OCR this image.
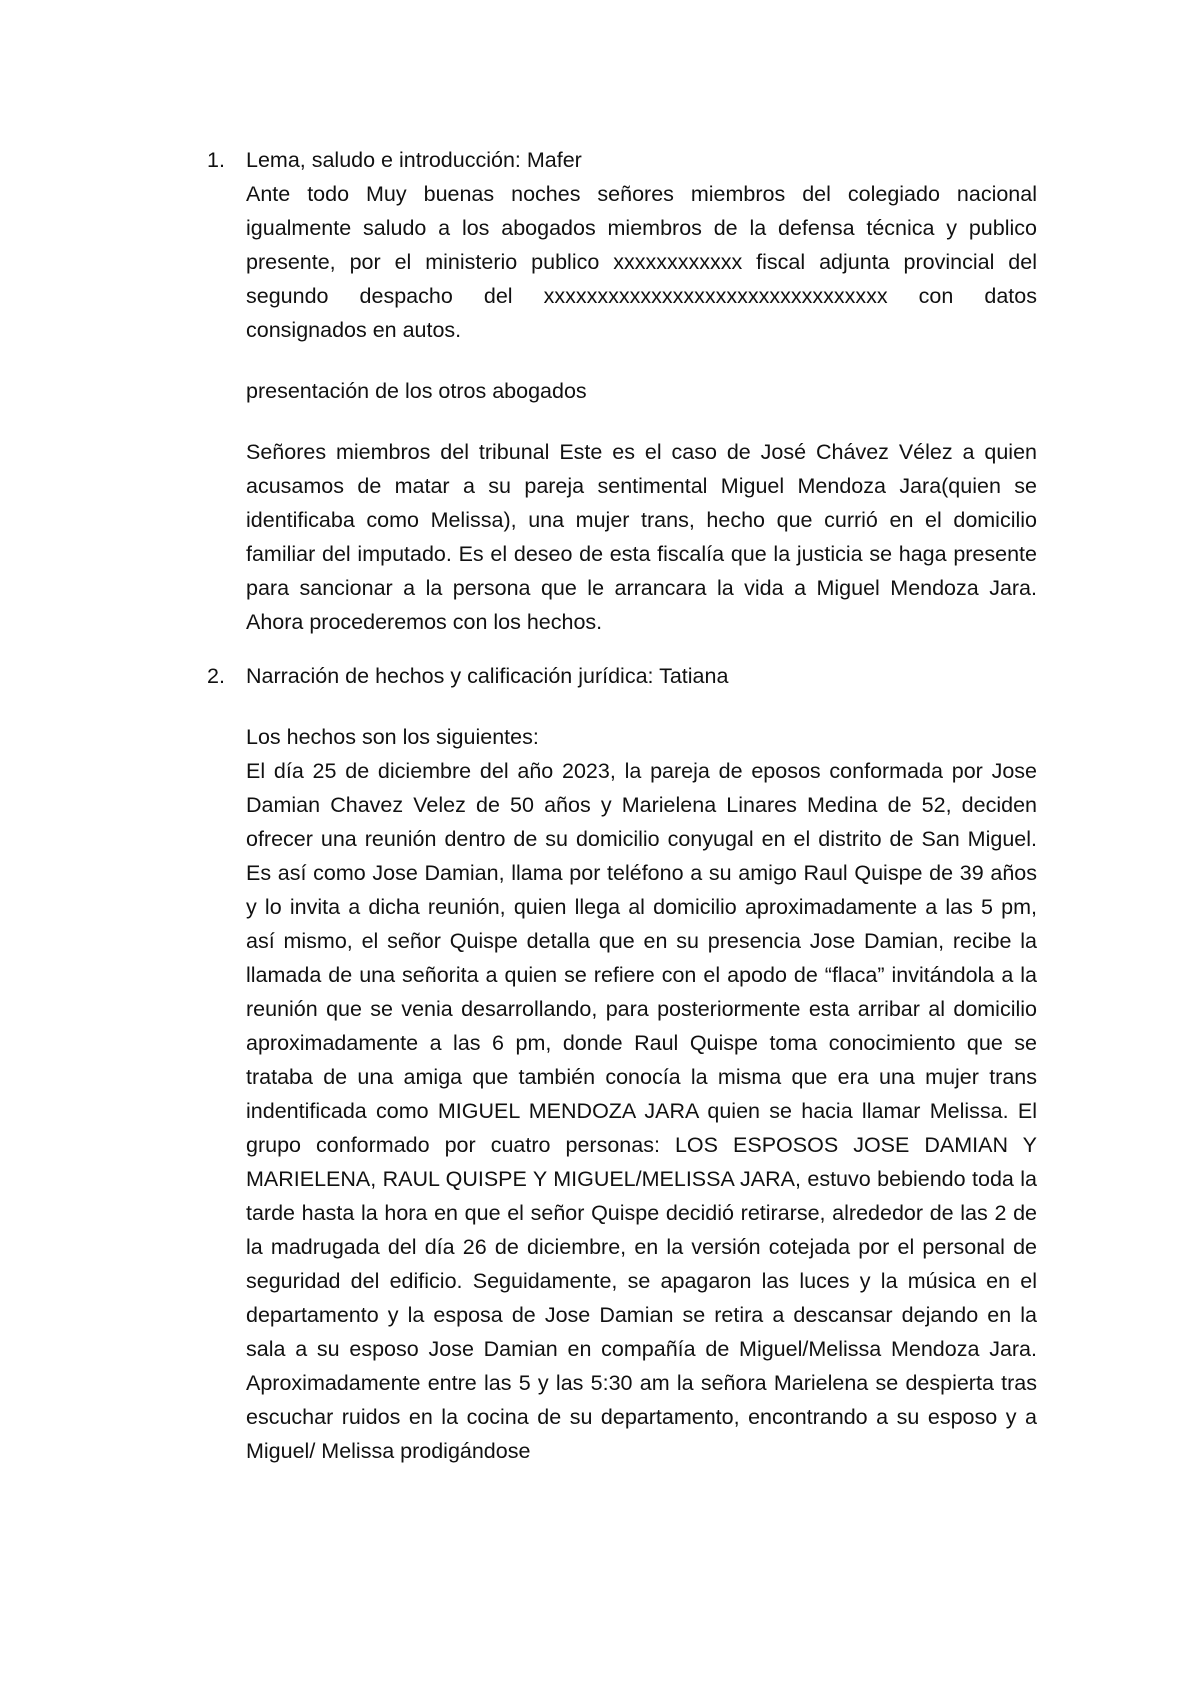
1. Lema, saludo e introducción: Mafer

Ante todo Muy buenas noches señores miembros del colegiado nacional igualmente saludo a los abogados miembros de la defensa técnica y publico presente, por el ministerio publico xxxxxxxxxxxx fiscal adjunta provincial del segundo despacho del xxxxxxxxxxxxxxxxxxxxxxxxxxxxxxxx con datos consignados en autos.

presentación de los otros abogados

Señores miembros del tribunal Este es el caso de José Chávez Vélez a quien acusamos de matar a su pareja sentimental Miguel Mendoza Jara(quien se identificaba como Melissa), una mujer trans, hecho que currió en el domicilio familiar del imputado. Es el deseo de esta fiscalía que la justicia se haga presente para sancionar a la persona que le arrancara la vida a Miguel Mendoza Jara. Ahora procederemos con los hechos.

2. Narración de hechos y calificación jurídica: Tatiana

Los hechos son los siguientes:

El día 25 de diciembre del año 2023, la pareja de eposos conformada por Jose Damian Chavez Velez de 50 años y Marielena Linares Medina de 52, deciden ofrecer una reunión dentro de su domicilio conyugal en el distrito de San Miguel. Es así como Jose Damian, llama por teléfono a su amigo Raul Quispe de 39 años y lo invita a dicha reunión, quien llega al domicilio aproximadamente a las 5 pm, así mismo, el señor Quispe detalla que en su presencia Jose Damian, recibe la llamada de una señorita a quien se refiere con el apodo de “flaca” invitándola a la reunión que se venia desarrollando, para posteriormente esta arribar al domicilio aproximadamente a las 6 pm, donde Raul Quispe toma conocimiento que se trataba de una amiga que también conocía la misma que era una mujer trans indentificada como MIGUEL MENDOZA JARA quien se hacia llamar Melissa. El grupo conformado por cuatro personas: LOS ESPOSOS JOSE DAMIAN Y MARIELENA, RAUL QUISPE Y MIGUEL/MELISSA JARA, estuvo bebiendo toda la tarde hasta la hora en que el señor Quispe decidió retirarse, alrededor de las 2 de la madrugada del día 26 de diciembre, en la versión cotejada por el personal de seguridad del edificio. Seguidamente, se apagaron las luces y la música en el departamento y la esposa de Jose Damian se retira a descansar dejando en la sala a su esposo Jose Damian en compañía de Miguel/Melissa Mendoza Jara. Aproximadamente entre las 5 y las 5:30 am la señora Marielena se despierta tras escuchar ruidos en la cocina de su departamento, encontrando a su esposo y a Miguel/ Melissa prodigándose
